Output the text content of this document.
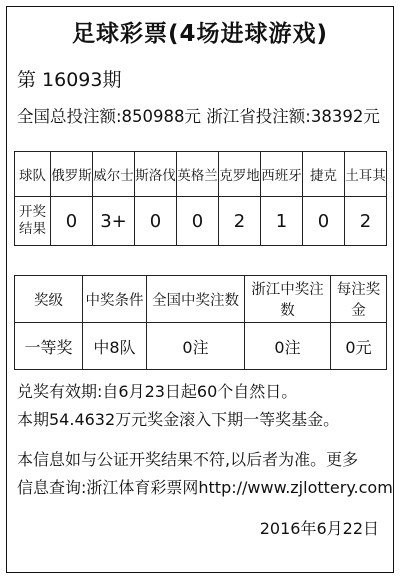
足球彩票(4场进球游戏)
第 16093期
全国总投注额:850988元 浙江省投注额:38392元
球队	俄罗斯	威尔士	斯洛伐	英格兰	克罗地	西班牙	捷克	土耳其
开奖
结果	0	3+	0	0	2	1	0	2
奖级	中奖条件	全国中奖注数	浙江中奖注数	每注奖金
一等奖	中8队	0注	0注	0元
兑奖有效期:自6月23日起60个自然日。
本期54.4632万元奖金滚入下期一等奖基金。
本信息如与公证开奖结果不符,以后者为准。更多
信息查询:浙江体育彩票网http://www.zjlottery.com
2016年6月22日
